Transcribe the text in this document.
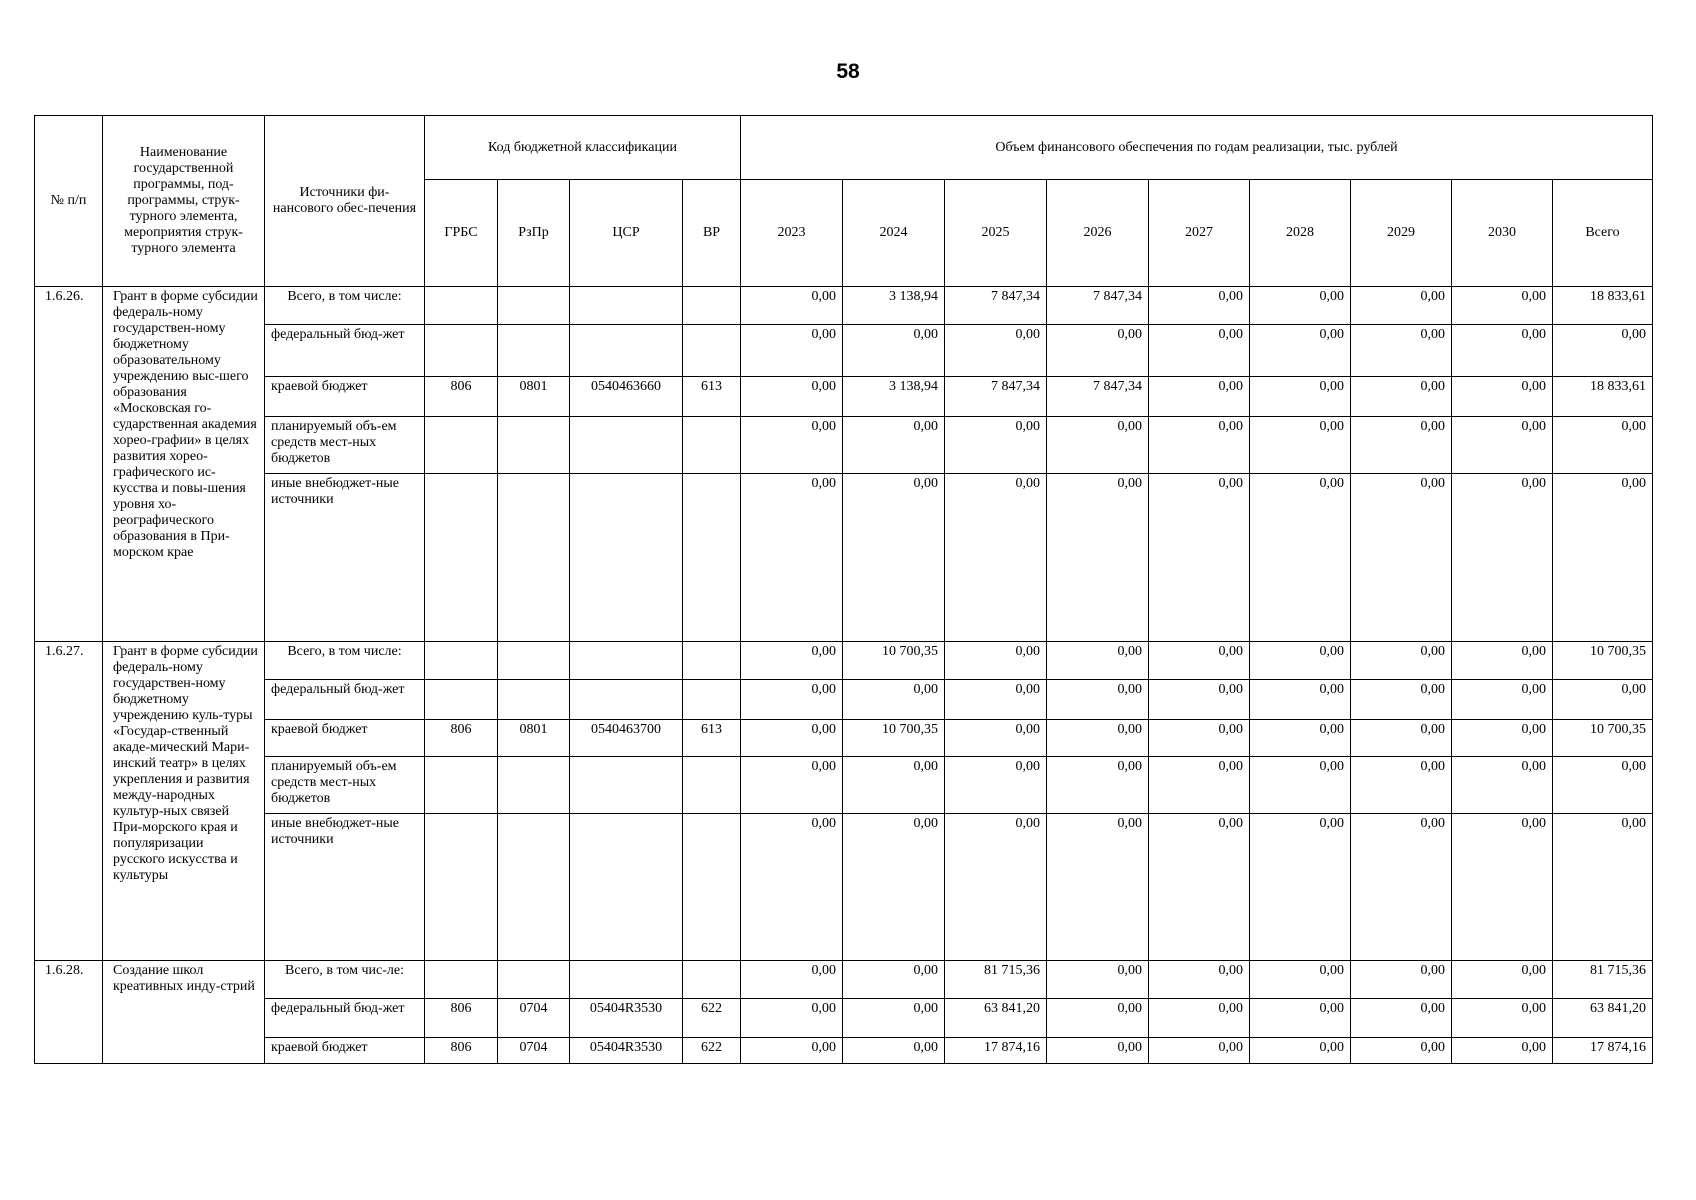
58
№ п/п	Наименование государственной программы, под-программы, струк-турного элемента, мероприятия струк-турного элемента	Источники фи-нансового обес-печения	Код бюджетной классификации				Объем финансового обеспечения по годам реализации, тыс. рублей								
			ГРБС	РзПр	ЦСР	ВР	2023	2024	2025	2026	2027	2028	2029	2030	Всего
1.6.26.	Грант в форме субсидии федераль-ному государствен-ному бюджетному образовательному учреждению выс-шего образования «Московская го-сударственная академия хорео-графии» в целях развития хорео-графического ис-кусства и повы-шения уровня хо-реографического образования в При-морском крае	Всего, в том числе:					0,00	3 138,94	7 847,34	7 847,34	0,00	0,00	0,00	0,00	18 833,61
		федеральный бюд-жет					0,00	0,00	0,00	0,00	0,00	0,00	0,00	0,00	0,00
		краевой бюджет	806	0801	0540463660	613	0,00	3 138,94	7 847,34	7 847,34	0,00	0,00	0,00	0,00	18 833,61
		планируемый объ-ем средств мест-ных бюджетов					0,00	0,00	0,00	0,00	0,00	0,00	0,00	0,00	0,00
		иные внебюджет-ные источники					0,00	0,00	0,00	0,00	0,00	0,00	0,00	0,00	0,00
1.6.27.	Грант в форме субсидии федераль-ному государствен-ному бюджетному учреждению куль-туры «Государ-ственный акаде-мический Мари-инский театр» в целях укрепления и развития между-народных культур-ных связей При-морского края и популяризации русского искусства и культуры	Всего, в том числе:					0,00	10 700,35	0,00	0,00	0,00	0,00	0,00	0,00	10 700,35
		федеральный бюд-жет					0,00	0,00	0,00	0,00	0,00	0,00	0,00	0,00	0,00
		краевой бюджет	806	0801	0540463700	613	0,00	10 700,35	0,00	0,00	0,00	0,00	0,00	0,00	10 700,35
		планируемый объ-ем средств мест-ных бюджетов					0,00	0,00	0,00	0,00	0,00	0,00	0,00	0,00	0,00
		иные внебюджет-ные источники					0,00	0,00	0,00	0,00	0,00	0,00	0,00	0,00	0,00
1.6.28.	Создание школ креативных инду-стрий	Всего, в том чис-ле:					0,00	0,00	81 715,36	0,00	0,00	0,00	0,00	0,00	81 715,36
		федеральный бюд-жет	806	0704	05404R3530	622	0,00	0,00	63 841,20	0,00	0,00	0,00	0,00	0,00	63 841,20
		краевой бюджет	806	0704	05404R3530	622	0,00	0,00	17 874,16	0,00	0,00	0,00	0,00	0,00	17 874,16
